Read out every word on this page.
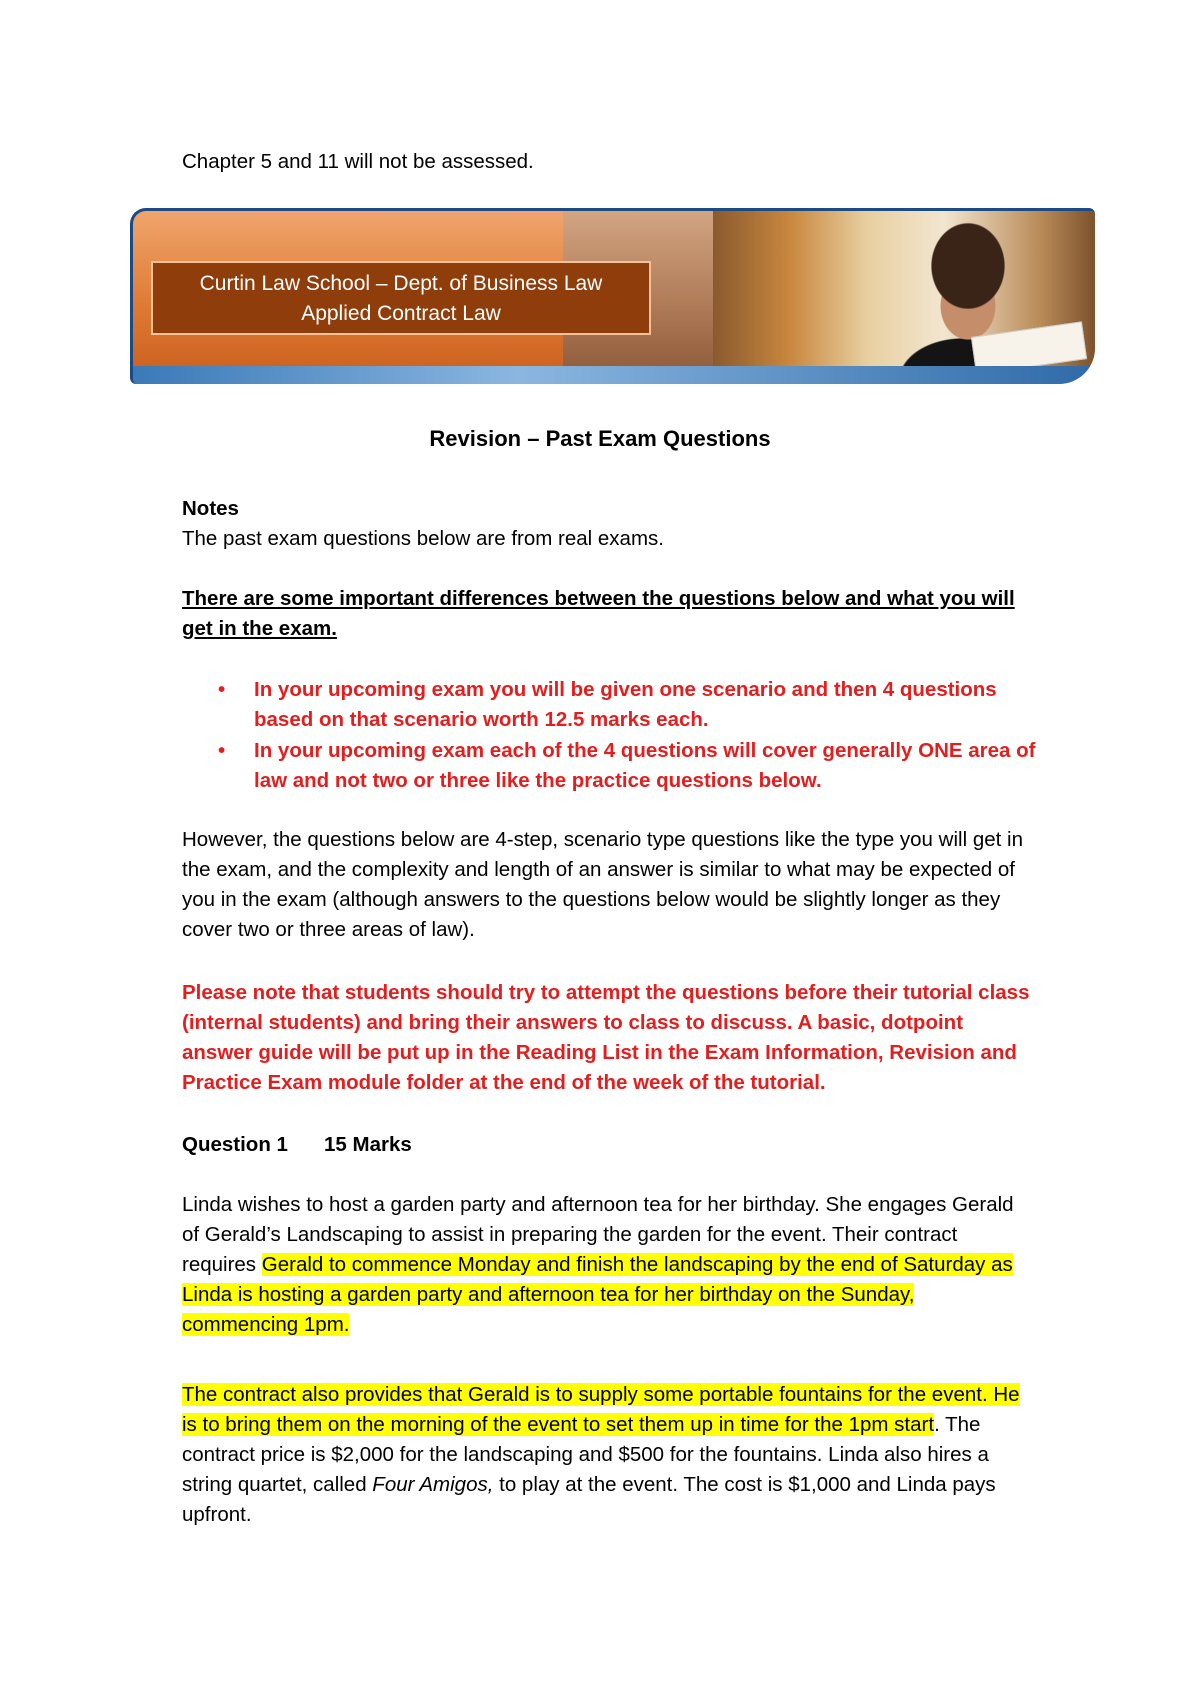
Chapter 5 and 11 will not be assessed.
Curtin Law School – Dept. of Business Law
Applied Contract Law
Revision – Past Exam Questions
Notes
The past exam questions below are from real exams.
There are some important differences between the questions below and what you will get in the exam.
• In your upcoming exam you will be given one scenario and then 4 questions based on that scenario worth 12.5 marks each.
• In your upcoming exam each of the 4 questions will cover generally ONE area of law and not two or three like the practice questions below.
However, the questions below are 4-step, scenario type questions like the type you will get in the exam, and the complexity and length of an answer is similar to what may be expected of you in the exam (although answers to the questions below would be slightly longer as they cover two or three areas of law).
Please note that students should try to attempt the questions before their tutorial class (internal students) and bring their answers to class to discuss. A basic, dotpoint answer guide will be put up in the Reading List in the Exam Information, Revision and Practice Exam module folder at the end of the week of the tutorial.
Question 1 15 Marks
Linda wishes to host a garden party and afternoon tea for her birthday. She engages Gerald of Gerald’s Landscaping to assist in preparing the garden for the event. Their contract requires Gerald to commence Monday and finish the landscaping by the end of Saturday as Linda is hosting a garden party and afternoon tea for her birthday on the Sunday, commencing 1pm.
The contract also provides that Gerald is to supply some portable fountains for the event. He is to bring them on the morning of the event to set them up in time for the 1pm start. The contract price is $2,000 for the landscaping and $500 for the fountains. Linda also hires a string quartet, called Four Amigos, to play at the event. The cost is $1,000 and Linda pays upfront.
